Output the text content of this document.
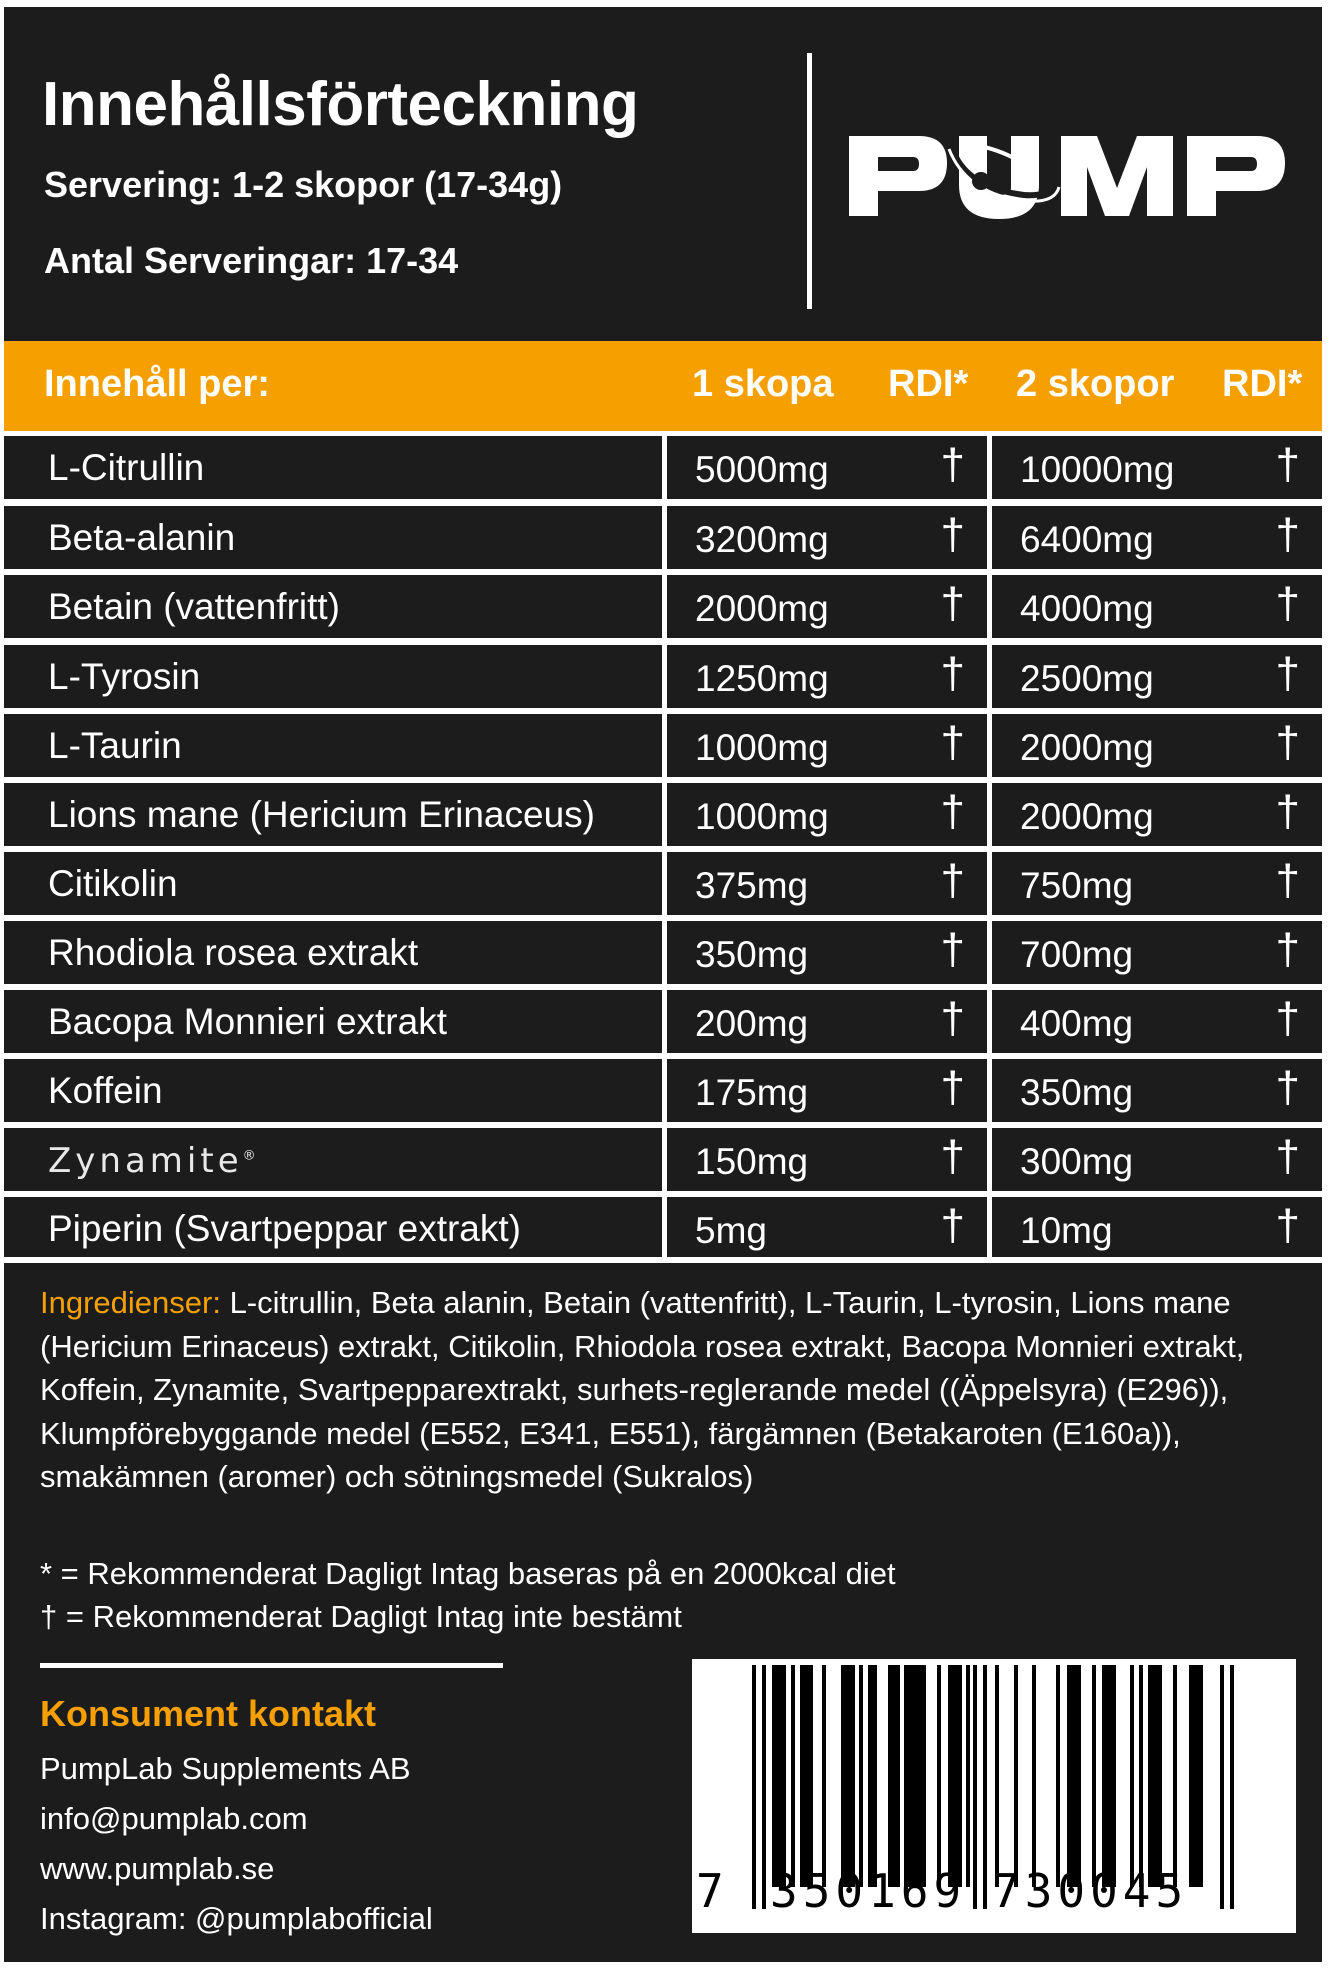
Innehållsförteckning
Servering: 1-2 skopor (17-34g)
Antal Serveringar: 17-34
Innehåll per:	1 skopa RDI* 2 skopor RDI*
L-Citrullin	5000mg	† 10000mg †
Beta-alanin	3200mg	† 6400mg	†
Betain (vattenfritt)	2000mg	† 4000mg	†
L-Tyrosin	1250mg	† 2500mg	†
L-Taurin	1000mg	† 2000mg	†
Lions mane (Hericium Erinaceus)	1000mg	† 2000mg	†
Citikolin	375mg	† 750mg	†
Rhodiola rosea extrakt	350mg	† 700mg	†
Bacopa Monnieri extrakt	200mg	† 400mg	†
Koffein	175mg	† 350mg	†
Zynamite®	150mg	† 300mg	†
Piperin (Svartpeppar extrakt)	5mg	† 10mg	†
Ingredienser: L-citrullin, Beta alanin, Betain (vattenfritt), L-Taurin, L-tyrosin, Lions mane (Hericium Erinaceus) extrakt, Citikolin, Rhiodola rosea extrakt, Bacopa Monnieri extrakt, Koffein, Zynamite, Svartpepparextrakt, surhets-reglerande medel ((Äppelsyra) (E296)), Klumpförebyggande medel (E552, E341, E551), färgämnen (Betakaroten (E160a)), smakämnen (aromer) och sötningsmedel (Sukralos)
* = Rekommenderat Dagligt Intag baseras på en 2000kcal diet
† = Rekommenderat Dagligt Intag inte bestämt
Konsument kontakt
PumpLab Supplements AB
info@pumplab.com
www.pumplab.se
Instagram: @pumplabofficial
7 350169 730045
